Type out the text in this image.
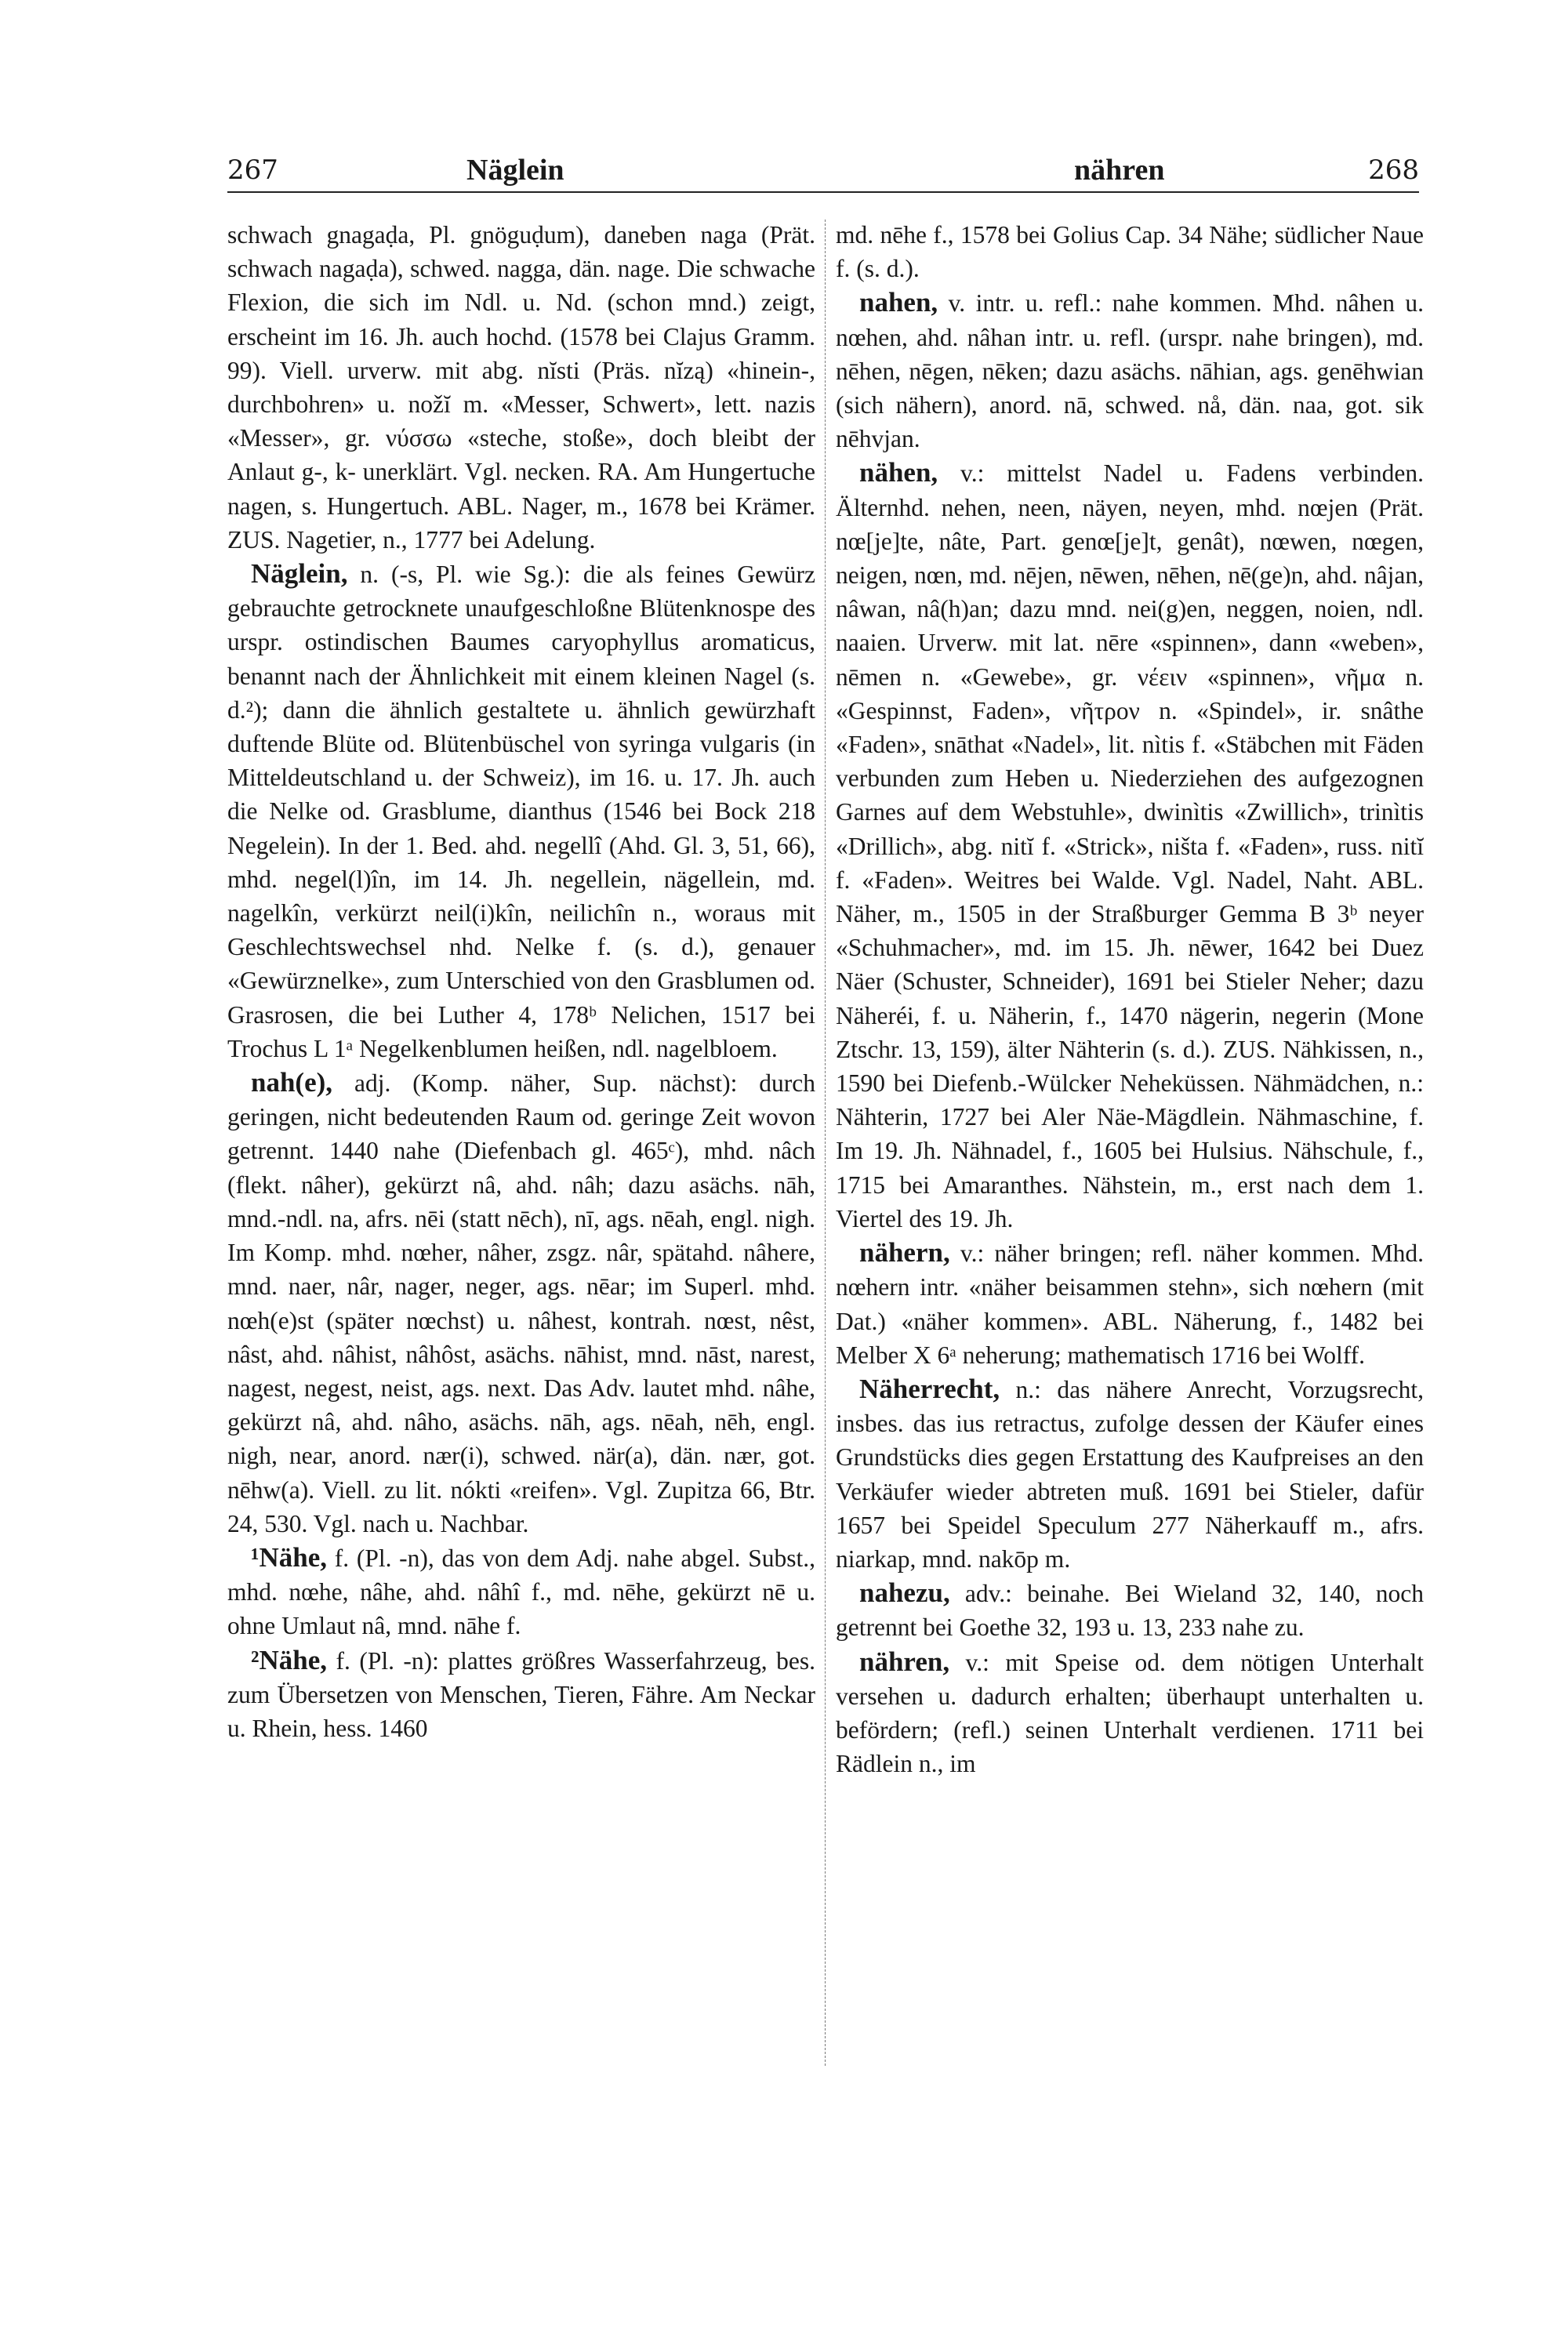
267	Näglein	nähren	268

schwach gnagaḍa, Pl. gnöguḍum), daneben naga (Prät. schwach nagaḍa), schwed. nagga, dän. nage. Die schwache Flexion, die sich im Ndl. u. Nd. (schon mnd.) zeigt, erscheint im 16. Jh. auch hochd. (1578 bei Clajus Gramm. 99). Viell. urverw. mit abg. nĭsti (Präs. nĭzą) «hinein-, durchbohren» u. nožĭ m. «Messer, Schwert», lett. nazis «Messer», gr. νύσσω «steche, stoße», doch bleibt der Anlaut g-, k- unerklärt. Vgl. necken. RA. Am Hungertuche nagen, s. Hungertuch. ABL. Nager, m., 1678 bei Krämer. ZUS. Nagetier, n., 1777 bei Adelung.

Näglein, n. (-s, Pl. wie Sg.): die als feines Gewürz gebrauchte getrocknete unaufgeschloßne Blütenknospe des urspr. ostindischen Baumes caryophyllus aromaticus, benannt nach der Ähnlichkeit mit einem kleinen Nagel (s. d.²); dann die ähnlich gestaltete u. ähnlich gewürzhaft duftende Blüte od. Blütenbüschel von syringa vulgaris (in Mitteldeutschland u. der Schweiz), im 16. u. 17. Jh. auch die Nelke od. Grasblume, dianthus (1546 bei Bock 218 Negelein). In der 1. Bed. ahd. negellî (Ahd. Gl. 3, 51, 66), mhd. negel(l)în, im 14. Jh. negellein, nägellein, md. nagelkîn, verkürzt neil(i)kîn, neilichîn n., woraus mit Geschlechtswechsel nhd. Nelke f. (s. d.), genauer «Gewürznelke», zum Unterschied von den Grasblumen od. Grasrosen, die bei Luther 4, 178ᵇ Nelichen, 1517 bei Trochus L 1ᵃ Negelkenblumen heißen, ndl. nagelbloem.

nah(e), adj. (Komp. näher, Sup. nächst): durch geringen, nicht bedeutenden Raum od. geringe Zeit wovon getrennt. 1440 nahe (Diefenbach gl. 465ᶜ), mhd. nâch (flekt. nâher), gekürzt nâ, ahd. nâh; dazu asächs. nāh, mnd.-ndl. na, afrs. nēi (statt nēch), nī, ags. nēah, engl. nigh. Im Komp. mhd. nœher, nâher, zsgz. nâr, spätahd. nâhere, mnd. naer, nâr, nager, neger, ags. nēar; im Superl. mhd. nœh(e)st (später nœchst) u. nâhest, kontrah. nœst, nêst, nâst, ahd. nâhist, nâhôst, asächs. nāhist, mnd. nāst, narest, nagest, negest, neist, ags. next. Das Adv. lautet mhd. nâhe, gekürzt nâ, ahd. nâho, asächs. nāh, ags. nēah, nēh, engl. nigh, near, anord. nær(i), schwed. när(a), dän. nær, got. nēhw(a). Viell. zu lit. nókti «reifen». Vgl. Zupitza 66, Btr. 24, 530. Vgl. nach u. Nachbar.

¹Nähe, f. (Pl. -n), das von dem Adj. nahe abgel. Subst., mhd. nœhe, nâhe, ahd. nâhî f., md. nēhe, gekürzt nē u. ohne Umlaut nâ, mnd. nāhe f.

²Nähe, f. (Pl. -n): plattes größres Wasserfahrzeug, bes. zum Übersetzen von Menschen, Tieren, Fähre. Am Neckar u. Rhein, hess. 1460

md. nēhe f., 1578 bei Golius Cap. 34 Nähe; südlicher Naue f. (s. d.).

nahen, v. intr. u. refl.: nahe kommen. Mhd. nâhen u. nœhen, ahd. nâhan intr. u. refl. (urspr. nahe bringen), md. nēhen, nēgen, nēken; dazu asächs. nāhian, ags. genēhwian (sich nähern), anord. nā, schwed. nå, dän. naa, got. sik nēhvjan.

nähen, v.: mittelst Nadel u. Fadens verbinden. Älternhd. nehen, neen, näyen, neyen, mhd. nœjen (Prät. nœ[je]te, nâte, Part. genœ[je]t, genât), nœwen, nœgen, neigen, nœn, md. nējen, nēwen, nēhen, nē(ge)n, ahd. nâjan, nâwan, nâ(h)an; dazu mnd. nei(g)en, neggen, noien, ndl. naaien. Urverw. mit lat. nēre «spinnen», dann «weben», nēmen n. «Gewebe», gr. νέειν «spinnen», νῆμα n. «Gespinnst, Faden», νῆτρον n. «Spindel», ir. snâthe «Faden», snāthat «Nadel», lit. nìtis f. «Stäbchen mit Fäden verbunden zum Heben u. Niederziehen des aufgezognen Garnes auf dem Webstuhle», dwinìtis «Zwillich», trinìtis «Drillich», abg. nitĭ f. «Strick», ništa f. «Faden», russ. nitĭ f. «Faden». Weitres bei Walde. Vgl. Nadel, Naht. ABL. Näher, m., 1505 in der Straßburger Gemma B 3ᵇ neyer «Schuhmacher», md. im 15. Jh. nēwer, 1642 bei Duez Näer (Schuster, Schneider), 1691 bei Stieler Neher; dazu Näheréi, f. u. Näherin, f., 1470 nägerin, negerin (Mone Ztschr. 13, 159), älter Nähterin (s. d.). ZUS. Nähkissen, n., 1590 bei Diefenb.-Wülcker Neheküssen. Nähmädchen, n.: Nähterin, 1727 bei Aler Näe-Mägdlein. Nähmaschine, f. Im 19. Jh. Nähnadel, f., 1605 bei Hulsius. Nähschule, f., 1715 bei Amaranthes. Nähstein, m., erst nach dem 1. Viertel des 19. Jh.

nähern, v.: näher bringen; refl. näher kommen. Mhd. nœhern intr. «näher beisammen stehn», sich nœhern (mit Dat.) «näher kommen». ABL. Näherung, f., 1482 bei Melber X 6ᵃ neherung; mathematisch 1716 bei Wolff.

Näherrecht, n.: das nähere Anrecht, Vorzugsrecht, insbes. das ius retractus, zufolge dessen der Käufer eines Grundstücks dies gegen Erstattung des Kaufpreises an den Verkäufer wieder abtreten muß. 1691 bei Stieler, dafür 1657 bei Speidel Speculum 277 Näherkauff m., afrs. niarkap, mnd. nakōp m.

nahezu, adv.: beinahe. Bei Wieland 32, 140, noch getrennt bei Goethe 32, 193 u. 13, 233 nahe zu.

nähren, v.: mit Speise od. dem nötigen Unterhalt versehen u. dadurch erhalten; überhaupt unterhalten u. befördern; (refl.) seinen Unterhalt verdienen. 1711 bei Rädlein n., im
